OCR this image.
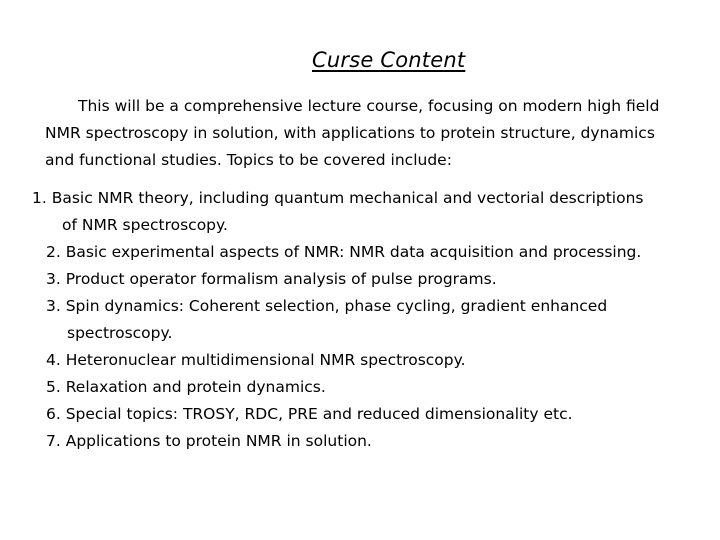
Curse Content
This will be a comprehensive lecture course, focusing on modern high field
NMR spectroscopy in solution, with applications to protein structure, dynamics
and functional studies. Topics to be covered include:
1. Basic NMR theory, including quantum mechanical and vectorial descriptions
of NMR spectroscopy.
2. Basic experimental aspects of NMR: NMR data acquisition and processing.
3. Product operator formalism analysis of pulse programs.
3. Spin dynamics: Coherent selection, phase cycling, gradient enhanced
spectroscopy.
4. Heteronuclear multidimensional NMR spectroscopy.
5. Relaxation and protein dynamics.
6. Special topics: TROSY, RDC, PRE and reduced dimensionality etc.
7. Applications to protein NMR in solution.
